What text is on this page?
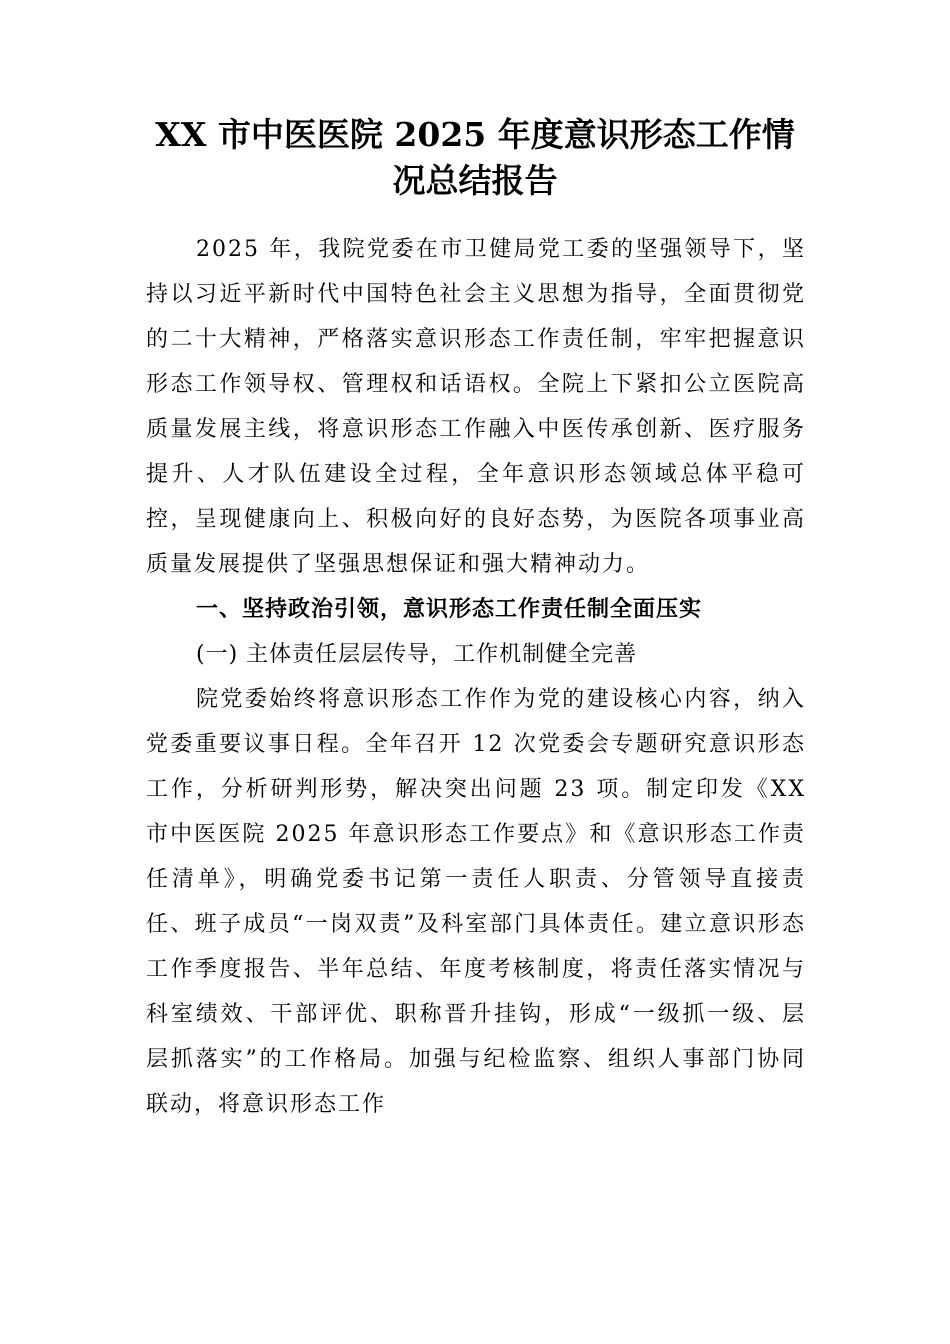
XX 市中医医院 2025 年度意识形态工作情
况总结报告

2025 年，我院党委在市卫健局党工委的坚强领导下，坚持以习近平新时代中国特色社会主义思想为指导，全面贯彻党的二十大精神，严格落实意识形态工作责任制，牢牢把握意识形态工作领导权、管理权和话语权。全院上下紧扣公立医院高质量发展主线，将意识形态工作融入中医传承创新、医疗服务提升、人才队伍建设全过程，全年意识形态领域总体平稳可控，呈现健康向上、积极向好的良好态势，为医院各项事业高质量发展提供了坚强思想保证和强大精神动力。

一、坚持政治引领，意识形态工作责任制全面压实

(一) 主体责任层层传导，工作机制健全完善

院党委始终将意识形态工作作为党的建设核心内容，纳入党委重要议事日程。全年召开 12 次党委会专题研究意识形态工作，分析研判形势，解决突出问题 23 项。制定印发《XX 市中医医院 2025 年意识形态工作要点》和《意识形态工作责任清单》，明确党委书记第一责任人职责、分管领导直接责任、班子成员“一岗双责”及科室部门具体责任。建立意识形态工作季度报告、半年总结、年度考核制度，将责任落实情况与科室绩效、干部评优、职称晋升挂钩，形成“一级抓一级、层层抓落实”的工作格局。加强与纪检监察、组织人事部门协同联动，将意识形态工作
